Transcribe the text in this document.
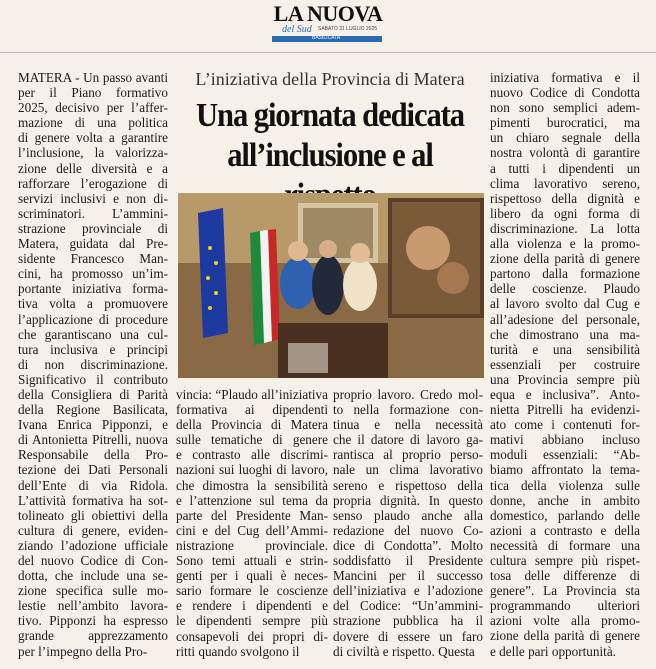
LA NUOVA
del Sud SABATO 31 LUGLIO 2025
BASILICATA
L’iniziativa della Provincia di Matera
Una giornata dedicata
all’inclusione e al
MATERA - Un passo avanti
per il Piano formativo
2025, decisivo per l’affer-
mazione di una politica
di genere volta a garantire
l’inclusione, la valorizza-
zione delle diversità e a
rafforzare l’erogazione di
servizi inclusivi e non di-
scriminatori. L’ammini-
strazione provinciale di
Matera, guidata dal Pre-
sidente Francesco Man-
cini, ha promosso un’im-
portante iniziativa forma-
tiva volta a promuovere
l’applicazione di procedure
che garantiscano una cul-
tura inclusiva e principi
di non discriminazione.
Significativo il contributo
della Consigliera di Parità
della Regione Basilicata,
Ivana Enrica Pipponzi, e
di Antonietta Pitrelli, nuova
Responsabile della Pro-
tezione dei Dati Personali
dell’Ente di via Ridola.
L’attività formativa ha sot-
tolineato gli obiettivi della
cultura di genere, eviden-
ziando l’adozione ufficiale
del nuovo Codice di Con-
dotta, che include una se-
zione specifica sulle mo-
lestie nell’ambito lavora-
tivo. Pipponzi ha espresso
grande apprezzamento
per l’impegno della Pro-
vincia: “Plaudo all’iniziativa
formativa ai dipendenti
della Provincia di Matera
sulle tematiche di genere
e contrasto alle discrimi-
nazioni sui luoghi di lavoro,
che dimostra la sensibilità
e l’attenzione sul tema da
parte del Presidente Man-
cini e del Cug dell’Ammi-
nistrazione provinciale.
Sono temi attuali e strin-
genti per i quali è neces-
sario formare le coscienze
e rendere i dipendenti e
le dipendenti sempre più
consapevoli dei propri di-
ritti quando svolgono il
proprio lavoro. Credo mol-
to nella formazione con-
tinua e nella necessità
che il datore di lavoro ga-
rantisca al proprio perso-
nale un clima lavorativo
sereno e rispettoso della
propria dignità. In questo
senso plaudo anche alla
redazione del nuovo Co-
dice di Condotta”. Molto
soddisfatto il Presidente
Mancini per il successo
dell’iniziativa e l’adozione
del Codice: “Un’ammini-
strazione pubblica ha il
dovere di essere un faro
di civiltà e rispetto. Questa
iniziativa formativa e il
nuovo Codice di Condotta
non sono semplici adem-
pimenti burocratici, ma
un chiaro segnale della
nostra volontà di garantire
a tutti i dipendenti un
clima lavorativo sereno,
rispettoso della dignità e
libero da ogni forma di
discriminazione. La lotta
alla violenza e la promo-
zione della parità di genere
partono dalla formazione
delle coscienze. Plaudo
al lavoro svolto dal Cug e
all’adesione del personale,
che dimostrano una ma-
turità e una sensibilità
essenziali per costruire
una Provincia sempre più
equa e inclusiva”. Anto-
nietta Pitrelli ha evidenzi-
ato come i contenuti for-
mativi abbiano incluso
moduli essenziali: “Ab-
biamo affrontato la tema-
tica della violenza sulle
donne, anche in ambito
domestico, parlando delle
azioni a contrasto e della
necessità di formare una
cultura sempre più rispet-
tosa delle differenze di
genere”. La Provincia sta
programmando ulteriori
azioni volte alla promo-
zione della parità di genere
e delle pari opportunità.
